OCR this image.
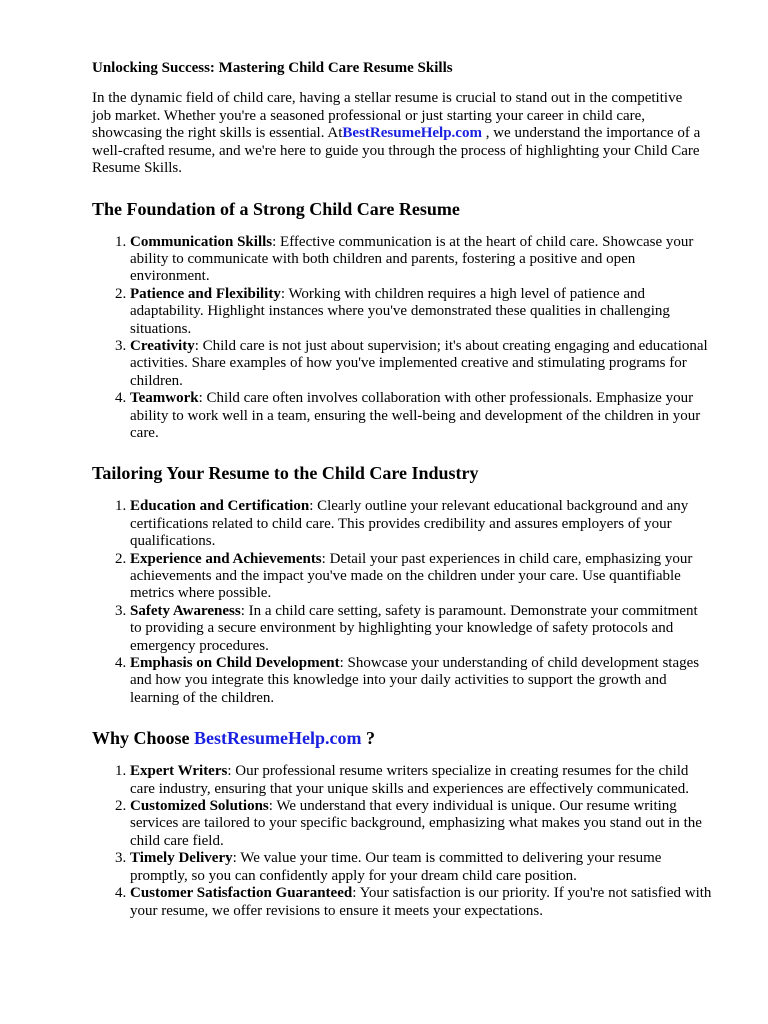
Unlocking Success: Mastering Child Care Resume Skills

In the dynamic field of child care, having a stellar resume is crucial to stand out in the competitive job market. Whether you're a seasoned professional or just starting your career in child care, showcasing the right skills is essential. AtBestResumeHelp.com , we understand the importance of a well-crafted resume, and we're here to guide you through the process of highlighting your Child Care Resume Skills.

The Foundation of a Strong Child Care Resume
1. Communication Skills: Effective communication is at the heart of child care. Showcase your ability to communicate with both children and parents, fostering a positive and open environment.
2. Patience and Flexibility: Working with children requires a high level of patience and adaptability. Highlight instances where you've demonstrated these qualities in challenging situations.
3. Creativity: Child care is not just about supervision; it's about creating engaging and educational activities. Share examples of how you've implemented creative and stimulating programs for children.
4. Teamwork: Child care often involves collaboration with other professionals. Emphasize your ability to work well in a team, ensuring the well-being and development of the children in your care.
Tailoring Your Resume to the Child Care Industry
1. Education and Certification: Clearly outline your relevant educational background and any certifications related to child care. This provides credibility and assures employers of your qualifications.
2. Experience and Achievements: Detail your past experiences in child care, emphasizing your achievements and the impact you've made on the children under your care. Use quantifiable metrics where possible.
3. Safety Awareness: In a child care setting, safety is paramount. Demonstrate your commitment to providing a secure environment by highlighting your knowledge of safety protocols and emergency procedures.
4. Emphasis on Child Development: Showcase your understanding of child development stages and how you integrate this knowledge into your daily activities to support the growth and learning of the children.
Why Choose BestResumeHelp.com ?
1. Expert Writers: Our professional resume writers specialize in creating resumes for the child care industry, ensuring that your unique skills and experiences are effectively communicated.
2. Customized Solutions: We understand that every individual is unique. Our resume writing services are tailored to your specific background, emphasizing what makes you stand out in the child care field.
3. Timely Delivery: We value your time. Our team is committed to delivering your resume promptly, so you can confidently apply for your dream child care position.
4. Customer Satisfaction Guaranteed: Your satisfaction is our priority. If you're not satisfied with your resume, we offer revisions to ensure it meets your expectations.
